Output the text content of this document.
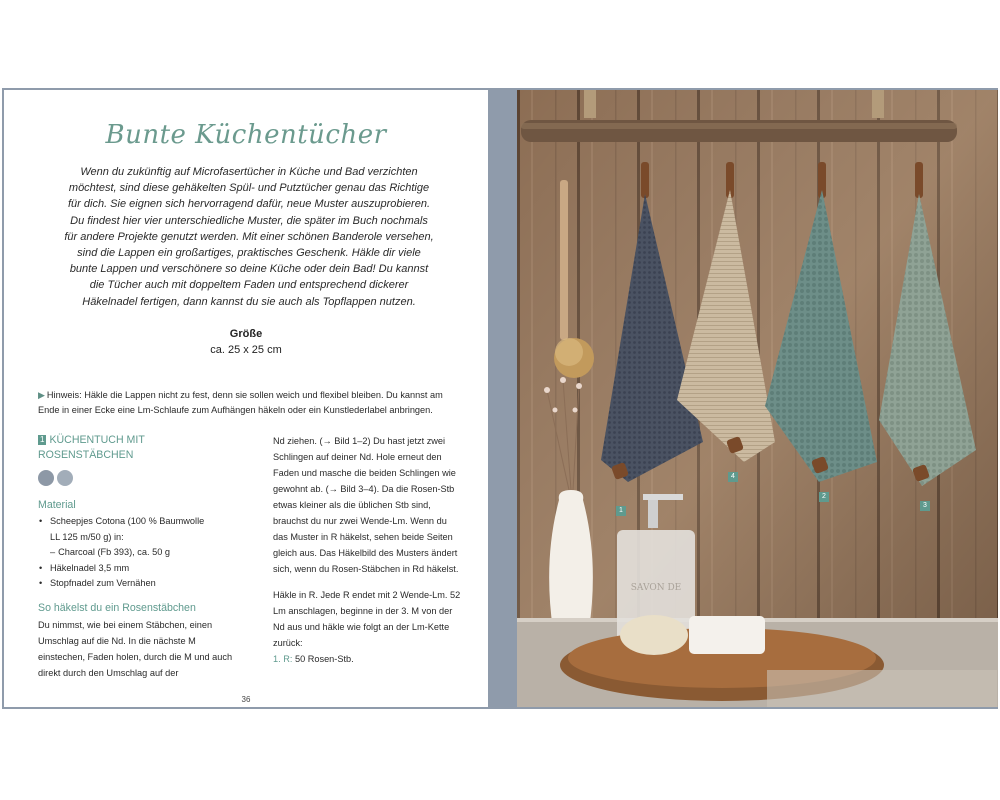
Bunte Küchentücher

Wenn du zukünftig auf Microfasertücher in Küche und Bad verzichten möchtest, sind diese gehäkelten Spül- und Putztücher genau das Richtige für dich. Sie eignen sich hervorragend dafür, neue Muster auszuprobieren. Du findest hier vier unterschiedliche Muster, die später im Buch nochmals für andere Projekte genutzt werden. Mit einer schönen Banderole versehen, sind die Lappen ein großartiges, praktisches Geschenk. Häkle dir viele bunte Lappen und verschönere so deine Küche oder dein Bad! Du kannst die Tücher auch mit doppeltem Faden und entsprechend dickerer Häkelnadel fertigen, dann kannst du sie auch als Topflappen nutzen.

Größe
ca. 25 x 25 cm

▶ Hinweis: Häkle die Lappen nicht zu fest, denn sie sollen weich und flexibel bleiben. Du kannst am Ende in einer Ecke eine Lm-Schlaufe zum Aufhängen häkeln oder ein Kunstlederlabel anbringen.

1 KÜCHENTUCH MIT ROSENSTÄBCHEN
Material
• Scheepjes Cotona (100 % Baumwolle
LL 125 m/50 g) in:
– Charcoal (Fb 393), ca. 50 g
• Häkelnadel 3,5 mm
• Stopfnadel zum Vernähen
So häkelst du ein Rosenstäbchen

Du nimmst, wie bei einem Stäbchen, einen Umschlag auf die Nd. In die nächste M einstechen, Faden holen, durch die M und auch direkt durch den Umschlag auf der

Nd ziehen. (→ Bild 1–2) Du hast jetzt zwei Schlingen auf deiner Nd. Hole erneut den Faden und masche die beiden Schlingen wie gewohnt ab. (→ Bild 3–4). Da die Rosen-Stb etwas kleiner als die üblichen Stb sind, brauchst du nur zwei Wende-Lm. Wenn du das Muster in R häkelst, sehen beide Seiten gleich aus. Das Häkelbild des Musters ändert sich, wenn du Rosen-Stäbchen in Rd häkelst.

Häkle in R. Jede R endet mit 2 Wende-Lm. 52 Lm anschlagen, beginne in der 3. M von der Nd aus und häkle wie folgt an der Lm-Kette zurück:

1. R: 50 Rosen-Stb.
36
SAVON DE
1
4
2
3
